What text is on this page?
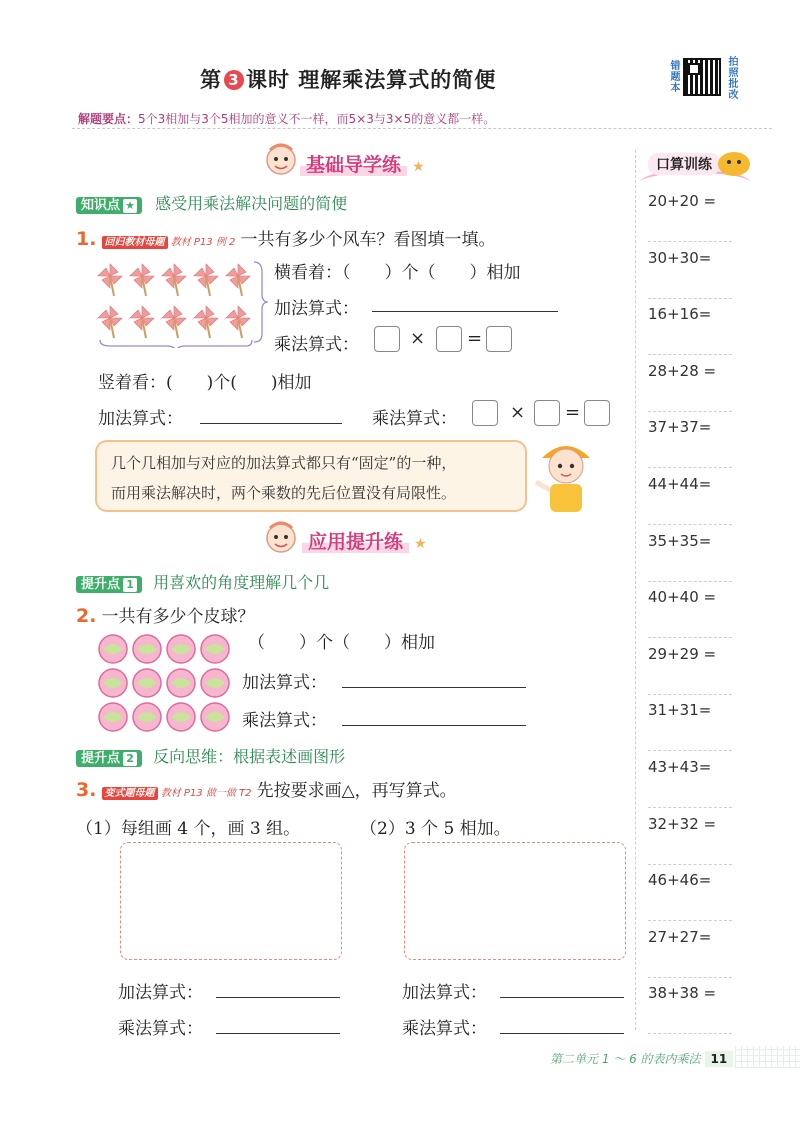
第 3 课时 理解乘法算式的简便	错题本	拍照批改
解题要点：5个3相加与3个5相加的意义不一样，而5×3与3×5的意义都一样。
基础导学练 ★
知识点 ★ 感受用乘法解决问题的简便
1. 回归教材母题 教材 P13 例 2 一共有多少个风车？看图填一填。
横看着：（　　）个（　　）相加
加法算式：
乘法算式：	× =
竖着看：(　　)个(　　)相加
加法算式：	乘法算式：	× =
几个几相加与对应的加法算式都只有“固定”的一种，
而用乘法解决时，两个乘数的先后位置没有局限性。
应用提升练 ★
提升点 1 用喜欢的角度理解几个几
2. 一共有多少个皮球？
（　　）个（　　）相加
加法算式：
乘法算式：
提升点 2 反向思维：根据表述画图形
3. 变式题母题 教材 P13 做一做 T2 先按要求画△，再写算式。
（1）每组画 4 个，画 3 组。	（2）3 个 5 相加。
加法算式：
乘法算式：
加法算式：
乘法算式：
口算训练
20+20 =
30+30=
16+16=
28+28 =
37+37=
44+44=
35+35=
40+40 =
29+29 =
31+31=
43+43=
32+32 =
46+46=
27+27=
38+38 =
第二单元 1 ～ 6 的表内乘法 11
